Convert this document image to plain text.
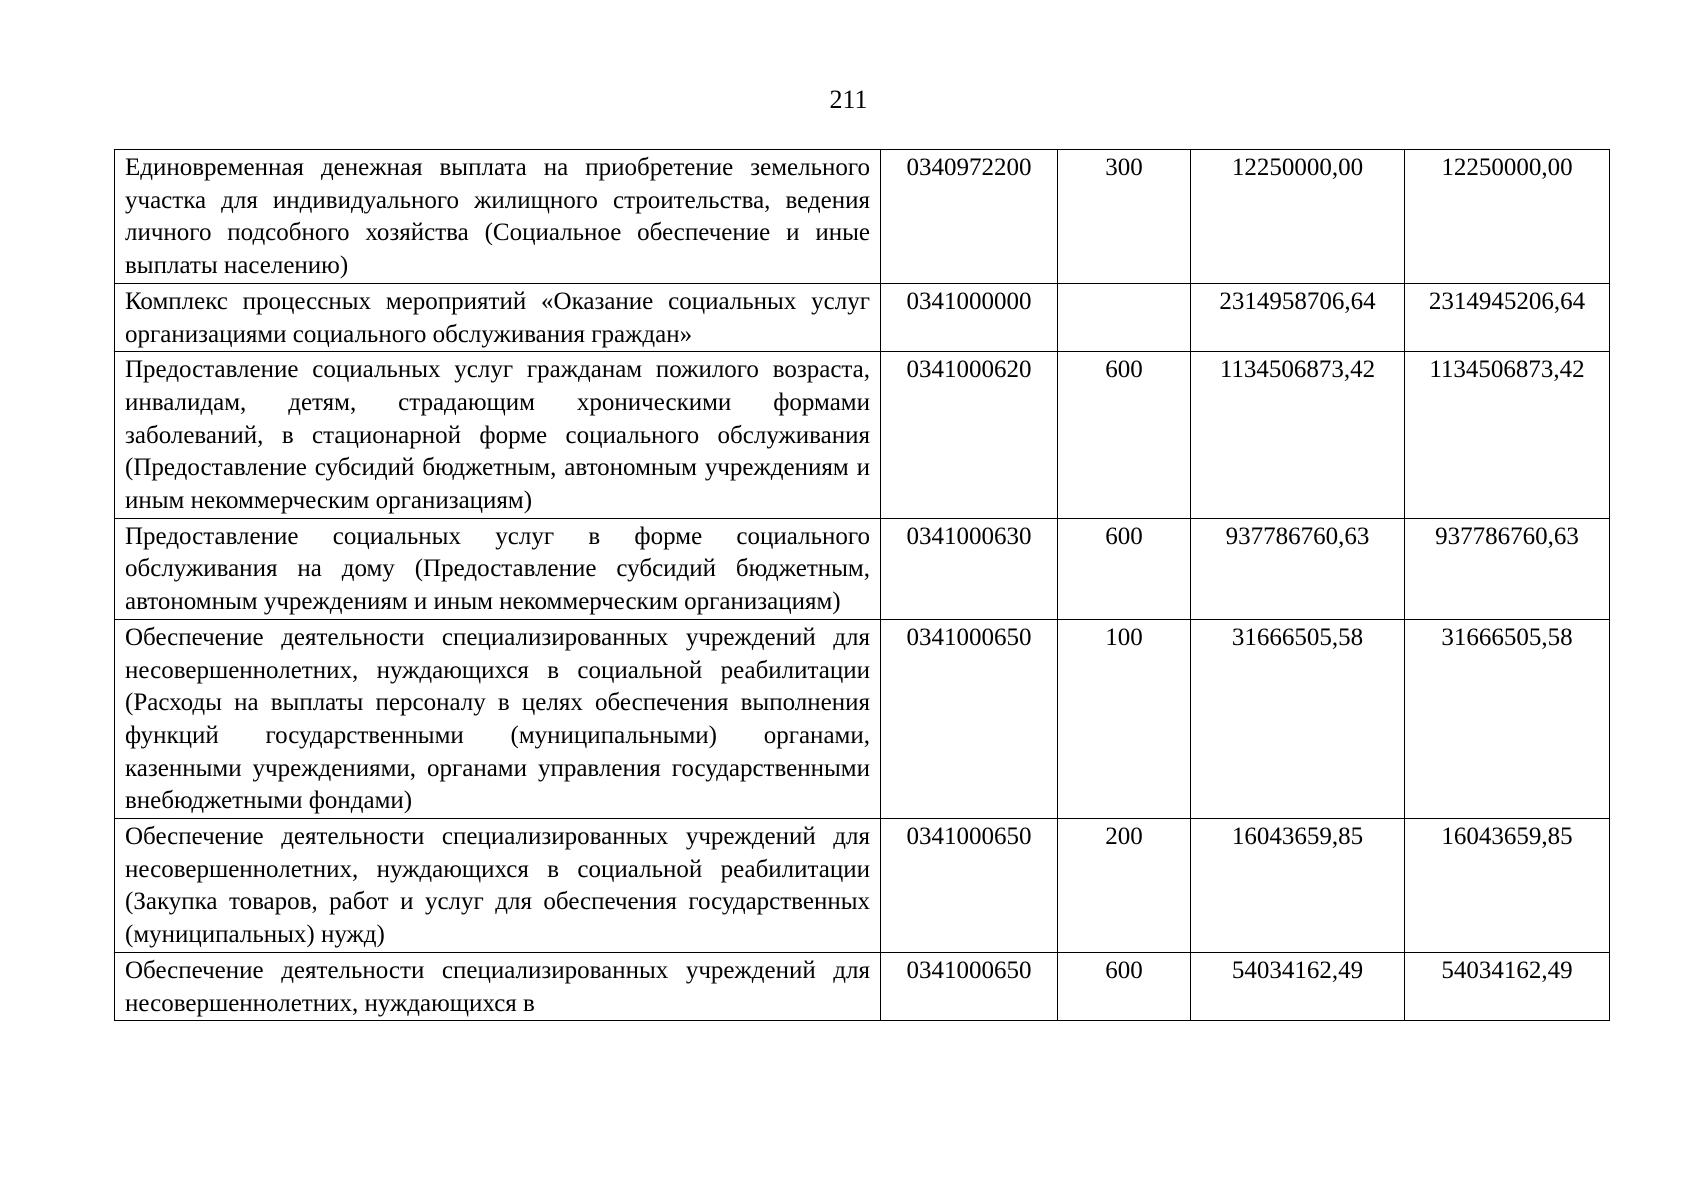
211
Единовременная денежная выплата на приобретение земельного участка для индивидуального жилищного строительства, ведения личного подсобного хозяйства (Социальное обеспечение и иные выплаты населению)	0340972200	300	12250000,00	12250000,00
Комплекс процессных мероприятий «Оказание социальных услуг организациями социального обслуживания граждан»	0341000000		2314958706,64	2314945206,64
Предоставление социальных услуг гражданам пожилого возраста, инвалидам, детям, страдающим хроническими формами заболеваний, в стационарной форме социального обслуживания (Предоставление субсидий бюджетным, автономным учреждениям и иным некоммерческим организациям)	0341000620	600	1134506873,42	1134506873,42
Предоставление социальных услуг в форме социального обслуживания на дому (Предоставление субсидий бюджетным, автономным учреждениям и иным некоммерческим организациям)	0341000630	600	937786760,63	937786760,63
Обеспечение деятельности специализированных учреждений для несовершеннолетних, нуждающихся в социальной реабилитации (Расходы на выплаты персоналу в целях обеспечения выполнения функций государственными (муниципальными) органами, казенными учреждениями, органами управления государственными внебюджетными фондами)	0341000650	100	31666505,58	31666505,58
Обеспечение деятельности специализированных учреждений для несовершеннолетних, нуждающихся в социальной реабилитации (Закупка товаров, работ и услуг для обеспечения государственных (муниципальных) нужд)	0341000650	200	16043659,85	16043659,85
Обеспечение деятельности специализированных учреждений для несовершеннолетних, нуждающихся в	0341000650	600	54034162,49	54034162,49
